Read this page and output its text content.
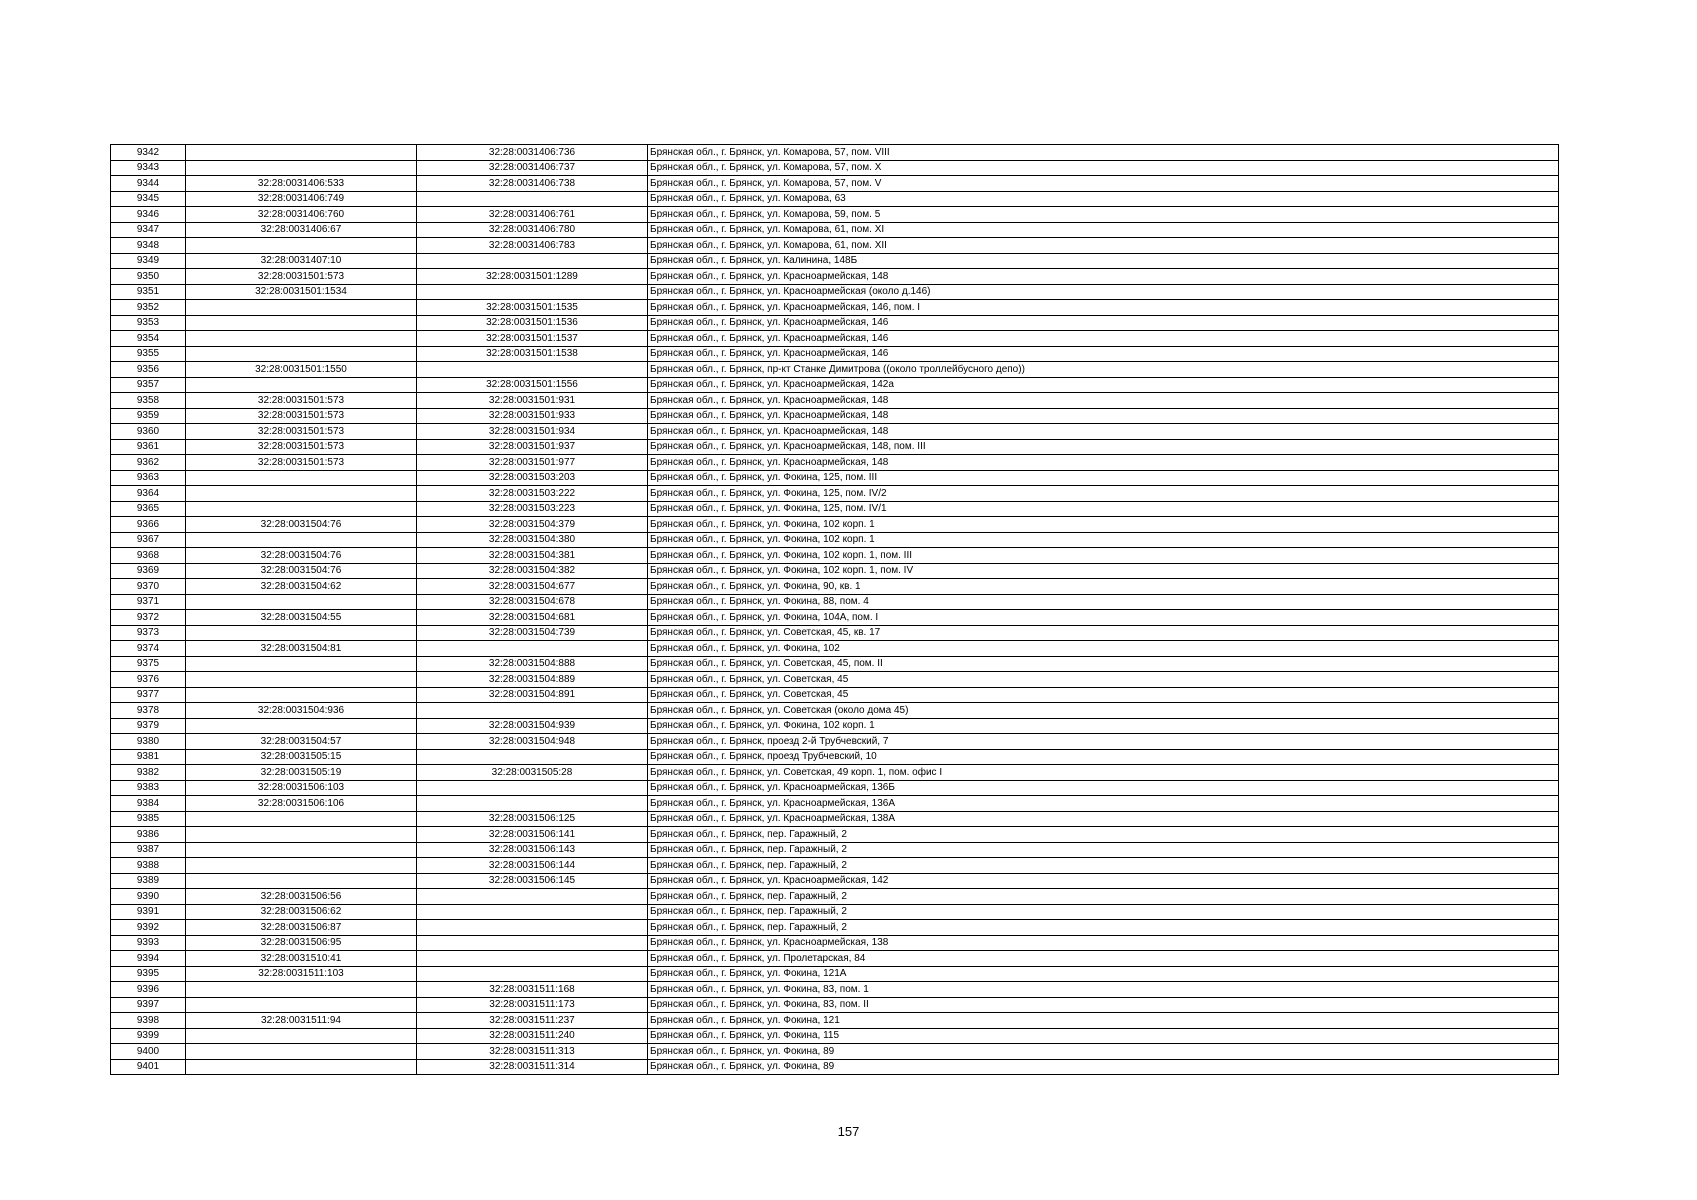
9342		32:28:0031406:736	Брянская обл., г. Брянск, ул. Комарова, 57, пом. VIII
9343		32:28:0031406:737	Брянская обл., г. Брянск, ул. Комарова, 57, пом. X
9344	32:28:0031406:533	32:28:0031406:738	Брянская обл., г. Брянск, ул. Комарова, 57, пом. V
9345	32:28:0031406:749		Брянская обл., г. Брянск, ул. Комарова, 63
9346	32:28:0031406:760	32:28:0031406:761	Брянская обл., г. Брянск, ул. Комарова, 59, пом. 5
9347	32:28:0031406:67	32:28:0031406:780	Брянская обл., г. Брянск, ул. Комарова, 61, пом. XI
9348		32:28:0031406:783	Брянская обл., г. Брянск, ул. Комарова, 61, пом. XII
9349	32:28:0031407:10		Брянская обл., г. Брянск, ул. Калинина, 148Б
9350	32:28:0031501:573	32:28:0031501:1289	Брянская обл., г. Брянск, ул. Красноармейская, 148
9351	32:28:0031501:1534		Брянская обл., г. Брянск, ул. Красноармейская (около д.146)
9352		32:28:0031501:1535	Брянская обл., г. Брянск, ул. Красноармейская, 146, пом. I
9353		32:28:0031501:1536	Брянская обл., г. Брянск, ул. Красноармейская, 146
9354		32:28:0031501:1537	Брянская обл., г. Брянск, ул. Красноармейская, 146
9355		32:28:0031501:1538	Брянская обл., г. Брянск, ул. Красноармейская, 146
9356	32:28:0031501:1550		Брянская обл., г. Брянск, пр-кт Станке Димитрова ((около троллейбусного депо))
9357		32:28:0031501:1556	Брянская обл., г. Брянск, ул. Красноармейская, 142а
9358	32:28:0031501:573	32:28:0031501:931	Брянская обл., г. Брянск, ул. Красноармейская, 148
9359	32:28:0031501:573	32:28:0031501:933	Брянская обл., г. Брянск, ул. Красноармейская, 148
9360	32:28:0031501:573	32:28:0031501:934	Брянская обл., г. Брянск, ул. Красноармейская, 148
9361	32:28:0031501:573	32:28:0031501:937	Брянская обл., г. Брянск, ул. Красноармейская, 148, пом. III
9362	32:28:0031501:573	32:28:0031501:977	Брянская обл., г. Брянск, ул. Красноармейская, 148
9363		32:28:0031503:203	Брянская обл., г. Брянск, ул. Фокина, 125, пом. III
9364		32:28:0031503:222	Брянская обл., г. Брянск, ул. Фокина, 125, пом. IV/2
9365		32:28:0031503:223	Брянская обл., г. Брянск, ул. Фокина, 125, пом. IV/1
9366	32:28:0031504:76	32:28:0031504:379	Брянская обл., г. Брянск, ул. Фокина, 102 корп. 1
9367		32:28:0031504:380	Брянская обл., г. Брянск, ул. Фокина, 102 корп. 1
9368	32:28:0031504:76	32:28:0031504:381	Брянская обл., г. Брянск, ул. Фокина, 102 корп. 1, пом. III
9369	32:28:0031504:76	32:28:0031504:382	Брянская обл., г. Брянск, ул. Фокина, 102 корп. 1, пом. IV
9370	32:28:0031504:62	32:28:0031504:677	Брянская обл., г. Брянск, ул. Фокина, 90, кв. 1
9371		32:28:0031504:678	Брянская обл., г. Брянск, ул. Фокина, 88, пом. 4
9372	32:28:0031504:55	32:28:0031504:681	Брянская обл., г. Брянск, ул. Фокина, 104А, пом. I
9373		32:28:0031504:739	Брянская обл., г. Брянск, ул. Советская, 45, кв. 17
9374	32:28:0031504:81		Брянская обл., г. Брянск, ул. Фокина, 102
9375		32:28:0031504:888	Брянская обл., г. Брянск, ул. Советская, 45, пом. II
9376		32:28:0031504:889	Брянская обл., г. Брянск, ул. Советская, 45
9377		32:28:0031504:891	Брянская обл., г. Брянск, ул. Советская, 45
9378	32:28:0031504:936		Брянская обл., г. Брянск, ул. Советская (около дома 45)
9379		32:28:0031504:939	Брянская обл., г. Брянск, ул. Фокина, 102 корп. 1
9380	32:28:0031504:57	32:28:0031504:948	Брянская обл., г. Брянск, проезд 2-й Трубчевский, 7
9381	32:28:0031505:15		Брянская обл., г. Брянск, проезд Трубчевский, 10
9382	32:28:0031505:19	32:28:0031505:28	Брянская обл., г. Брянск, ул. Советская, 49 корп. 1, пом. офис I
9383	32:28:0031506:103		Брянская обл., г. Брянск, ул. Красноармейская, 136Б
9384	32:28:0031506:106		Брянская обл., г. Брянск, ул. Красноармейская, 136А
9385		32:28:0031506:125	Брянская обл., г. Брянск, ул. Красноармейская, 138А
9386		32:28:0031506:141	Брянская обл., г. Брянск, пер. Гаражный, 2
9387		32:28:0031506:143	Брянская обл., г. Брянск, пер. Гаражный, 2
9388		32:28:0031506:144	Брянская обл., г. Брянск, пер. Гаражный, 2
9389		32:28:0031506:145	Брянская обл., г. Брянск, ул. Красноармейская, 142
9390	32:28:0031506:56		Брянская обл., г. Брянск, пер. Гаражный, 2
9391	32:28:0031506:62		Брянская обл., г. Брянск, пер. Гаражный, 2
9392	32:28:0031506:87		Брянская обл., г. Брянск, пер. Гаражный, 2
9393	32:28:0031506:95		Брянская обл., г. Брянск, ул. Красноармейская, 138
9394	32:28:0031510:41		Брянская обл., г. Брянск, ул. Пролетарская, 84
9395	32:28:0031511:103		Брянская обл., г. Брянск, ул. Фокина, 121А
9396		32:28:0031511:168	Брянская обл., г. Брянск, ул. Фокина, 83, пом. 1
9397		32:28:0031511:173	Брянская обл., г. Брянск, ул. Фокина, 83, пом. II
9398	32:28:0031511:94	32:28:0031511:237	Брянская обл., г. Брянск, ул. Фокина, 121
9399		32:28:0031511:240	Брянская обл., г. Брянск, ул. Фокина, 115
9400		32:28:0031511:313	Брянская обл., г. Брянск, ул. Фокина, 89
9401		32:28:0031511:314	Брянская обл., г. Брянск, ул. Фокина, 89
157
